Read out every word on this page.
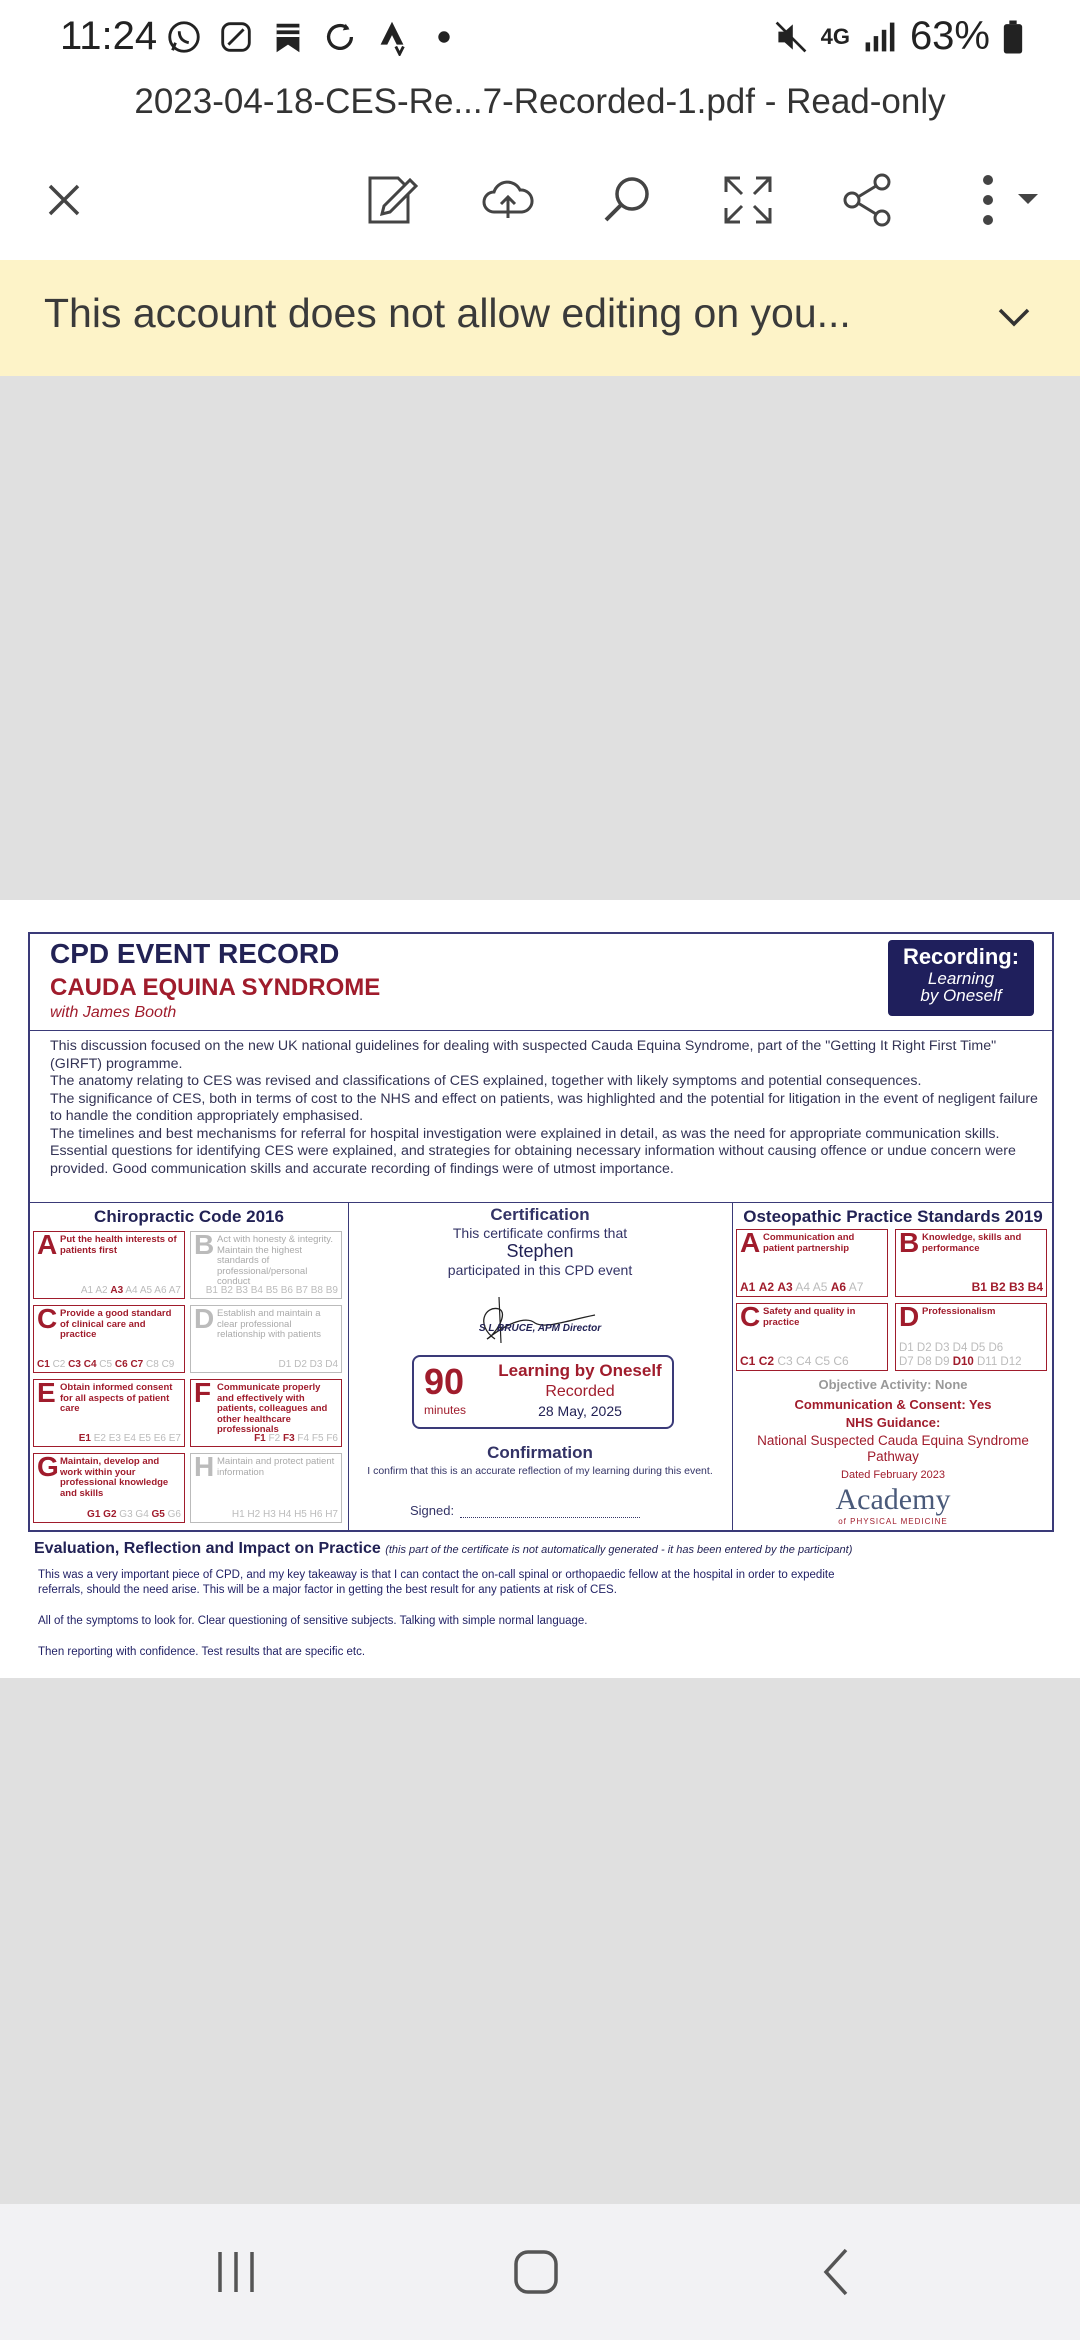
11:24	4G 63%
2023-04-18-CES-Re...7-Recorded-1.pdf - Read-only
This account does not allow editing on you...
CPD EVENT RECORD
CAUDA EQUINA SYNDROME
with James Booth
Recording:
Learning
by Oneself

This discussion focused on the new UK national guidelines for dealing with suspected Cauda Equina Syndrome, part of the "Getting It Right First Time" (GIRFT) programme.

The anatomy relating to CES was revised and classifications of CES explained, together with likely symptoms and potential consequences.

The significance of CES, both in terms of cost to the NHS and effect on patients, was highlighted and the potential for litigation in the event of negligent failure to handle the condition appropriately emphasised.

The timelines and best mechanisms for referral for hospital investigation were explained in detail, as was the need for appropriate communication skills. Essential questions for identifying CES were explained, and strategies for obtaining necessary information without causing offence or undue concern were provided. Good communication skills and accurate recording of findings were of utmost importance.

Chiropractic Code 2016
A Put the health interests of patients first
A1 A2 A3 A4 A5 A6 A7
B Act with honesty & integrity. Maintain the highest standards of professional/personal conduct
B1 B2 B3 B4 B5 B6 B7 B8 B9
C Provide a good standard of clinical care and practice
C1 C2 C3 C4 C5 C6 C7 C8 C9
D Establish and maintain a clear professional relationship with patients
D1 D2 D3 D4
E Obtain informed consent for all aspects of patient care
E1 E2 E3 E4 E5 E6 E7
F Communicate properly and effectively with patients, colleagues and other healthcare professionals
F1 F2 F3 F4 F5 F6
G Maintain, develop and work within your professional knowledge and skills
G1 G2 G3 G4 G5 G6
H Maintain and protect patient information
H1 H2 H3 H4 H5 H6 H7
Certification
This certificate confirms that
Stephen
participated in this CPD event
S L BRUCE, APM Director
90
minutes
Learning by Oneself
Recorded
28 May, 2025
Confirmation
I confirm that this is an accurate reflection of my learning during this event.
Signed:
Osteopathic Practice Standards 2019
A Communication and patient partnership
A1 A2 A3 A4 A5 A6 A7
B Knowledge, skills and performance
B1 B2 B3 B4
C Safety and quality in practice
C1 C2 C3 C4 C5 C6
D Professionalism
D1 D2 D3 D4 D5 D6
D7 D8 D9 D10 D11 D12
Objective Activity: None
Communication & Consent: Yes
NHS Guidance:
National Suspected Cauda Equina Syndrome Pathway
Dated February 2023
Academy
of PHYSICAL MEDICINE
Evaluation, Reflection and Impact on Practice (this part of the certificate is not automatically generated - it has been entered by the participant)

This was a very important piece of CPD, and my key takeaway is that I can contact the on-call spinal or orthopaedic fellow at the hospital in order to expedite referrals, should the need arise. This will be a major factor in getting the best result for any patients at risk of CES.

All of the symptoms to look for. Clear questioning of sensitive subjects. Talking with simple normal language.

Then reporting with confidence. Test results that are specific etc.
